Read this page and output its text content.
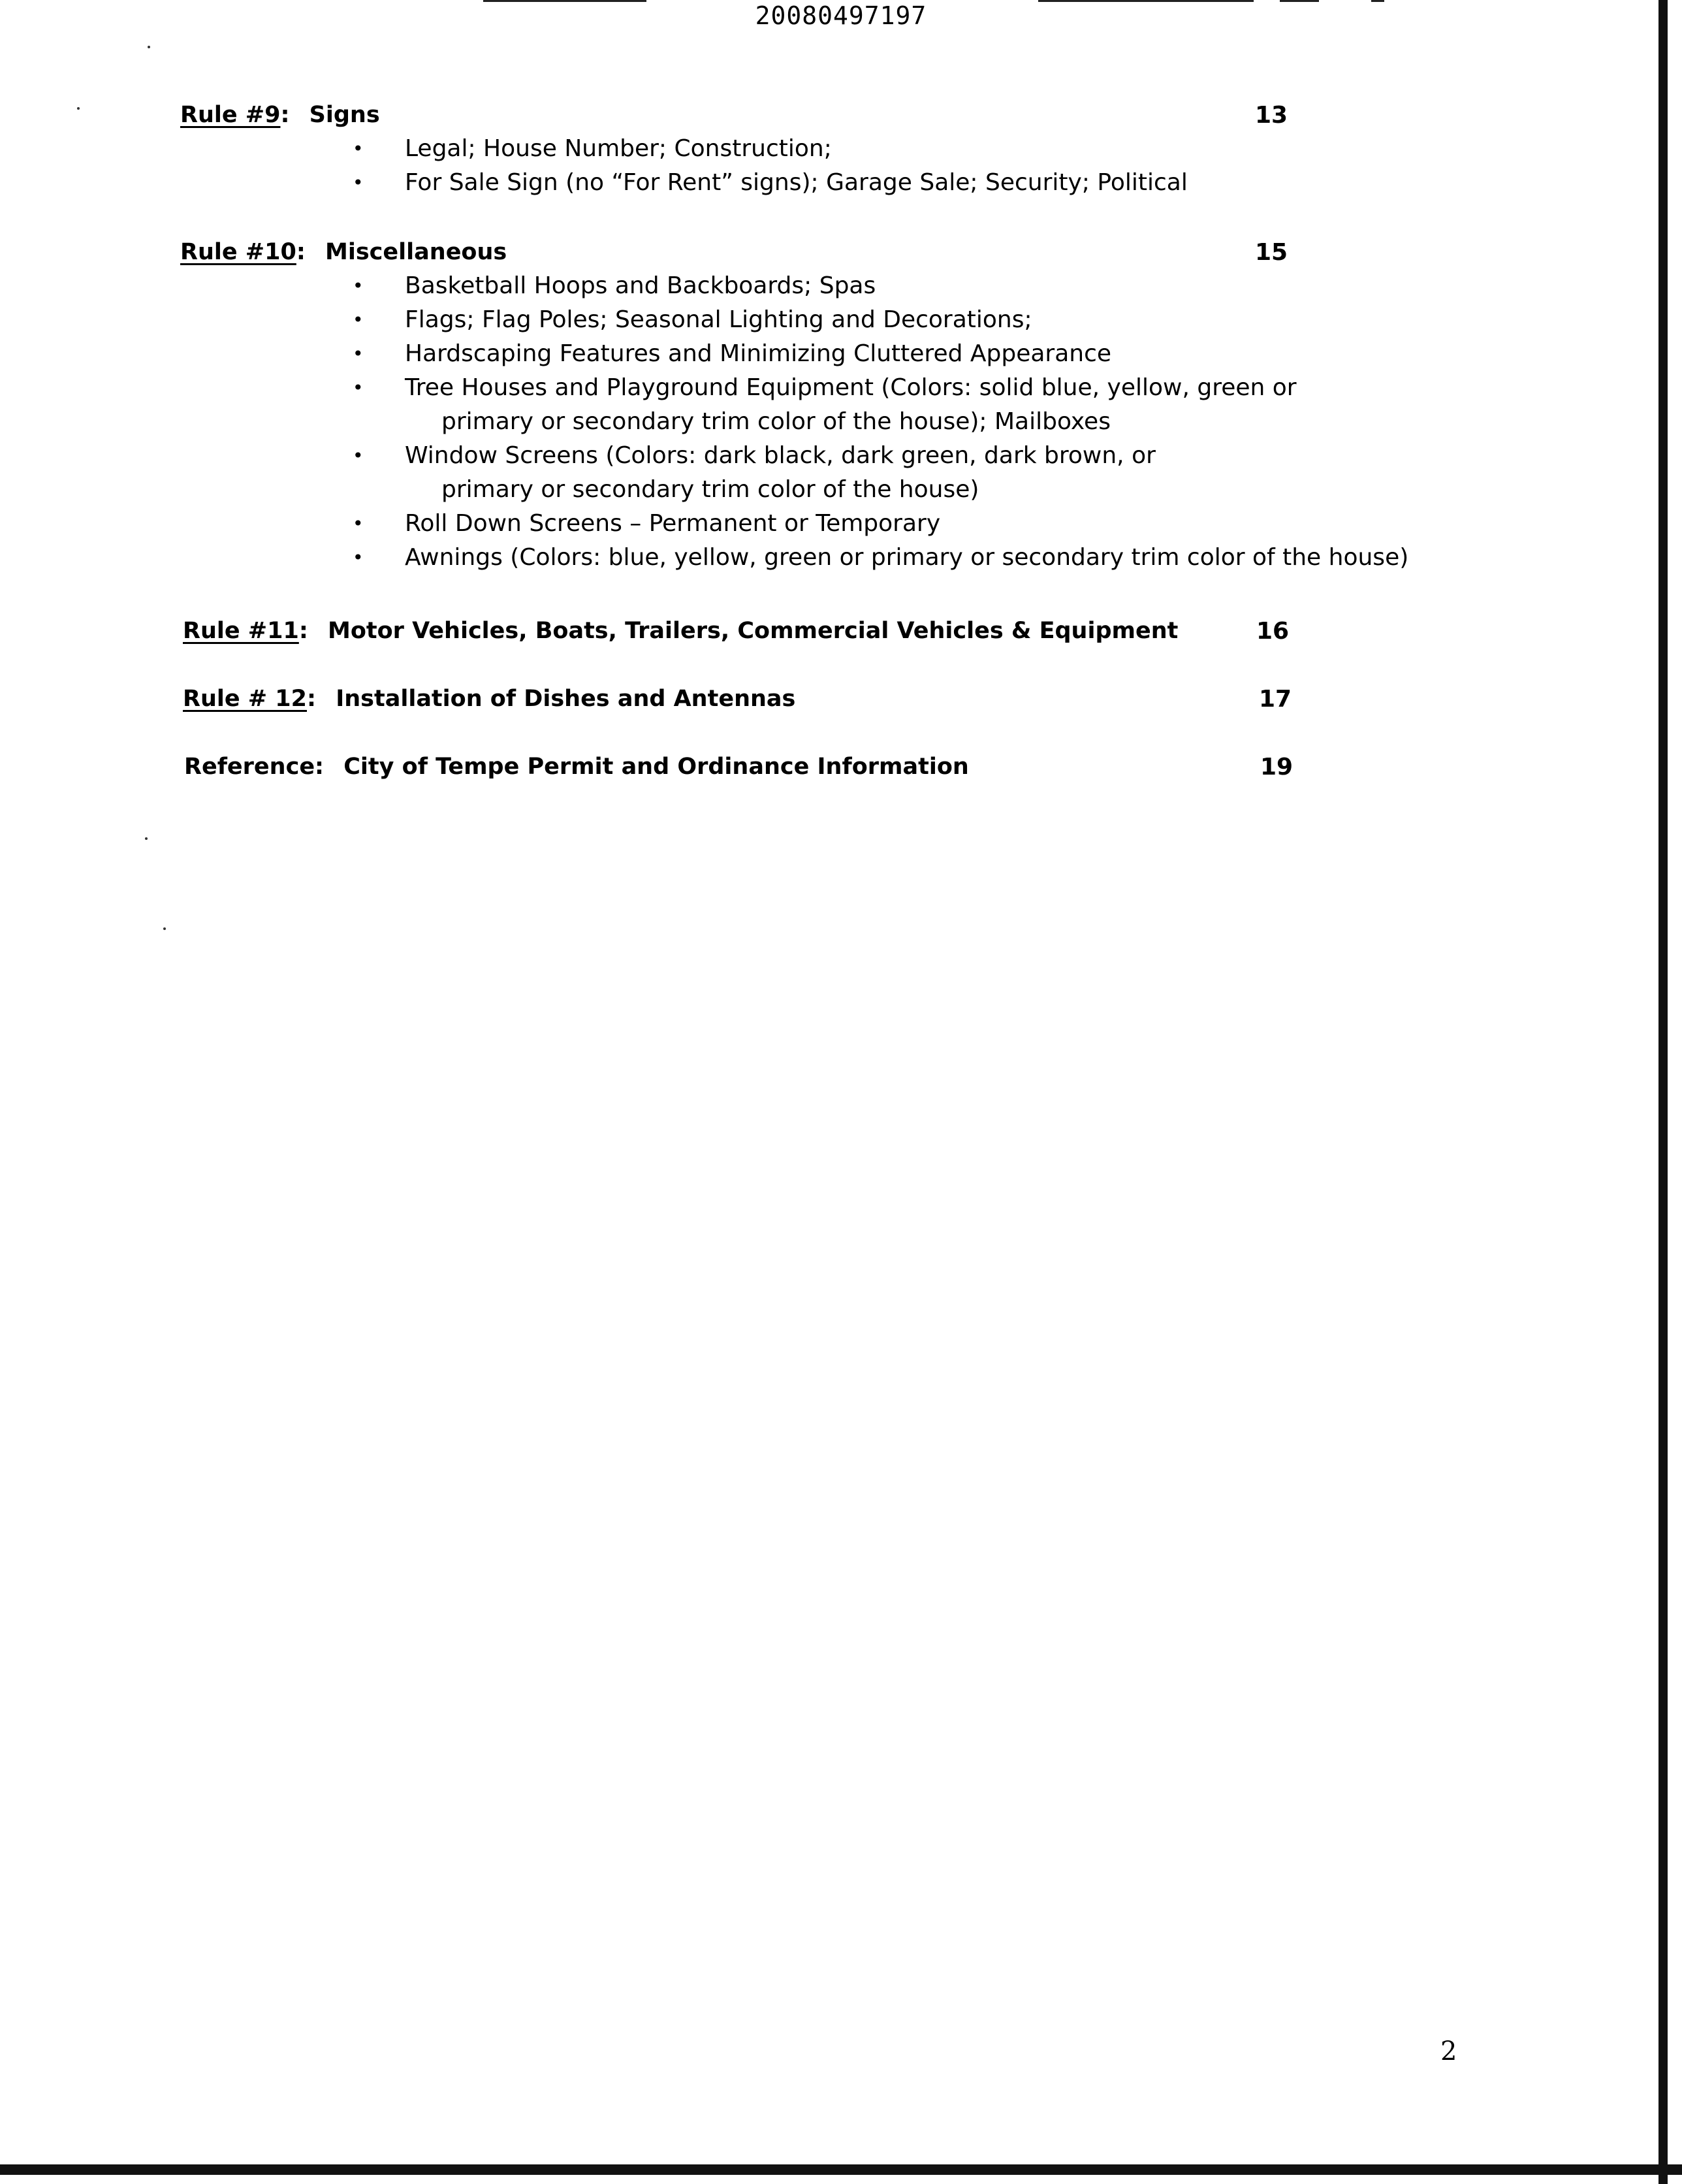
20080497197
Rule #9: Signs	13
• Legal; House Number; Construction;
• For Sale Sign (no “For Rent” signs); Garage Sale; Security; Political
Rule #10: Miscellaneous	15
• Basketball Hoops and Backboards; Spas
• Flags; Flag Poles; Seasonal Lighting and Decorations;
• Hardscaping Features and Minimizing Cluttered Appearance
• Tree Houses and Playground Equipment (Colors: solid blue, yellow, green or
primary or secondary trim color of the house); Mailboxes
• Window Screens (Colors: dark black, dark green, dark brown, or
primary or secondary trim color of the house)
• Roll Down Screens – Permanent or Temporary
• Awnings (Colors: blue, yellow, green or primary or secondary trim color of the house)
Rule #11: Motor Vehicles, Boats, Trailers, Commercial Vehicles & Equipment	16
Rule # 12: Installation of Dishes and Antennas	17
Reference: City of Tempe Permit and Ordinance Information	19
2
